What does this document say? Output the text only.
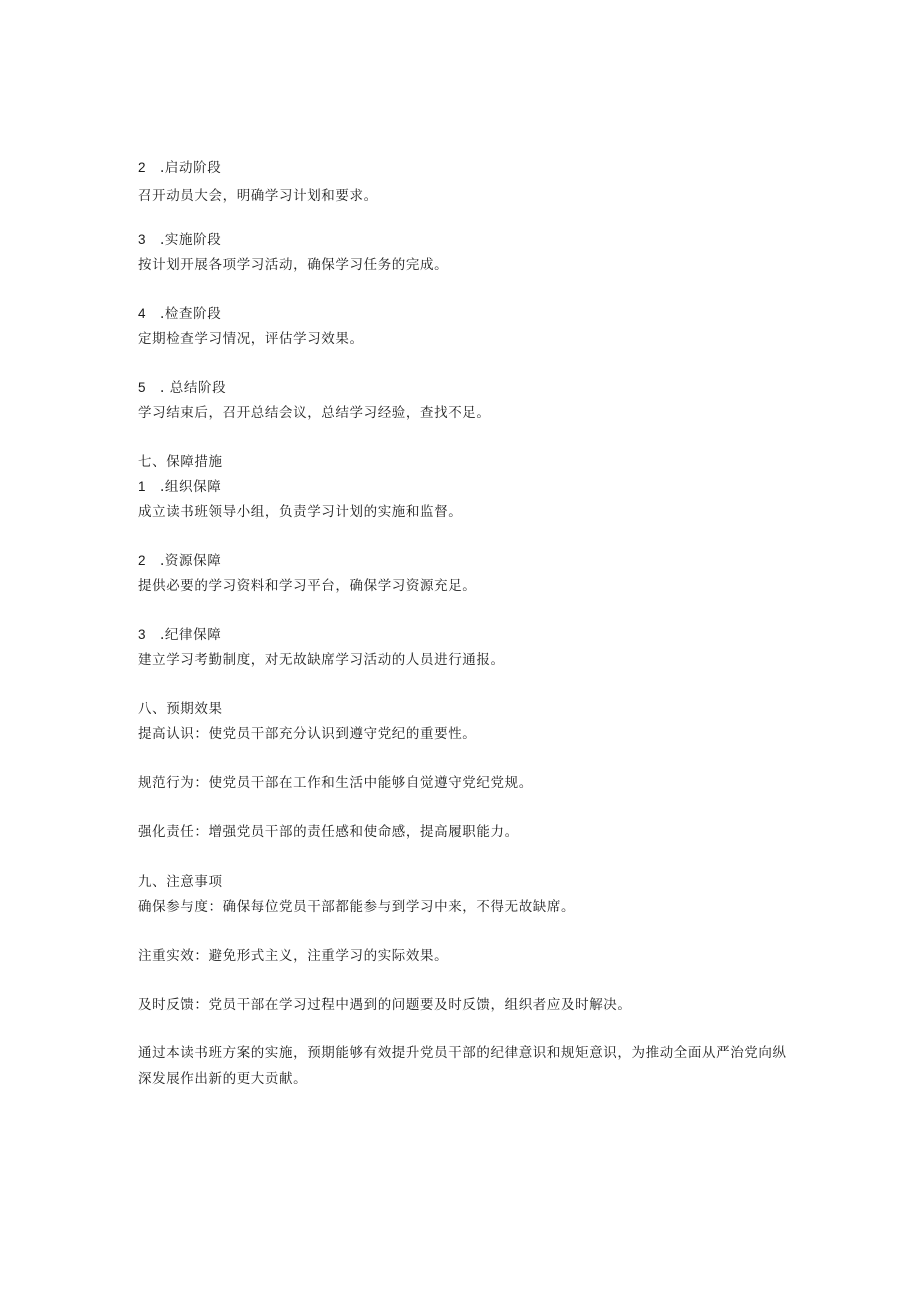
2 .启动阶段
召开动员大会，明确学习计划和要求。
3 .实施阶段
按计划开展各项学习活动，确保学习任务的完成。
4 .检查阶段
定期检查学习情况，评估学习效果。
5 . 总结阶段
学习结束后，召开总结会议，总结学习经验，查找不足。
七、保障措施
1 .组织保障
成立读书班领导小组，负责学习计划的实施和监督。
2 .资源保障
提供必要的学习资料和学习平台，确保学习资源充足。
3 .纪律保障
建立学习考勤制度，对无故缺席学习活动的人员进行通报。
八、预期效果
提高认识：使党员干部充分认识到遵守党纪的重要性。
规范行为：使党员干部在工作和生活中能够自觉遵守党纪党规。
强化责任：增强党员干部的责任感和使命感，提高履职能力。
九、注意事项
确保参与度：确保每位党员干部都能参与到学习中来，不得无故缺席。
注重实效：避免形式主义，注重学习的实际效果。
及时反馈：党员干部在学习过程中遇到的问题要及时反馈，组织者应及时解决。
通过本读书班方案的实施，预期能够有效提升党员干部的纪律意识和规矩意识，为推动全面从严治党向纵深发展作出新的更大贡献。
